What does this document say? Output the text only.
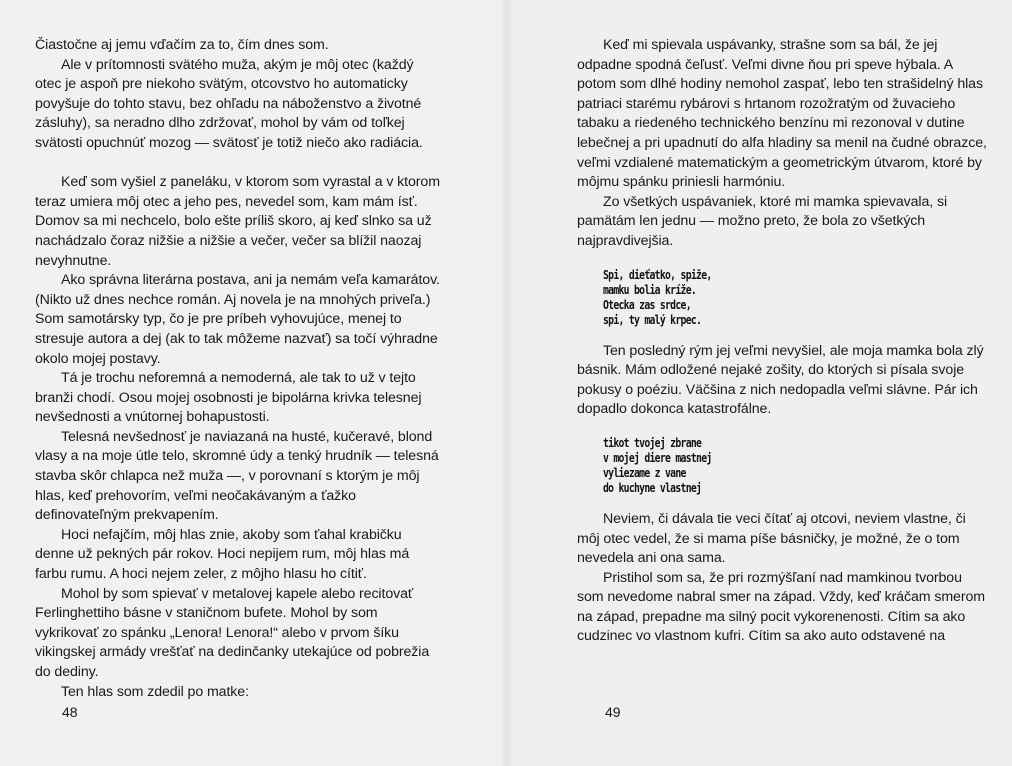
Čiastočne aj jemu vďačím za to, čím dnes som.

Ale v prítomnosti svätého muža, akým je môj otec (každý otec je aspoň pre niekoho svätým, otcovstvo ho automaticky povyšuje do tohto stavu, bez ohľadu na náboženstvo a životné zásluhy), sa neradno dlho zdržovať, mohol by vám od toľkej svätosti opuchnúť mozog — svätosť je totiž niečo ako radiácia.

Keď som vyšiel z paneláku, v ktorom som vyrastal a v ktorom teraz umiera môj otec a jeho pes, nevedel som, kam mám ísť. Domov sa mi nechcelo, bolo ešte príliš skoro, aj keď slnko sa už nachádzalo čoraz nižšie a nižšie a večer, večer sa blížil naozaj nevyhnutne.

Ako správna literárna postava, ani ja nemám veľa kamarátov. (Nikto už dnes nechce román. Aj novela je na mnohých priveľa.) Som samotársky typ, čo je pre príbeh vyhovujúce, menej to stresuje autora a dej (ak to tak môžeme nazvať) sa točí výhradne okolo mojej postavy.

Tá je trochu neforemná a nemoderná, ale tak to už v tejto branži chodí. Osou mojej osobnosti je bipolárna krivka telesnej nevšednosti a vnútornej bohapustosti.

Telesná nevšednosť je naviazaná na husté, kučeravé, blond vlasy a na moje útle telo, skromné údy a tenký hrudník — telesná stavba skôr chlapca než muža —, v porovnaní s ktorým je môj hlas, keď prehovorím, veľmi neočakávaným a ťažko definovateľným prekvapením.

Hoci nefajčím, môj hlas znie, akoby som ťahal krabičku denne už pekných pár rokov. Hoci nepijem rum, môj hlas má farbu rumu. A hoci nejem zeler, z môjho hlasu ho cítiť.

Mohol by som spievať v metalovej kapele alebo recitovať Ferlinghettiho básne v staničnom bufete. Mohol by som vykrikovať zo spánku „Lenora! Lenora!“ alebo v prvom šíku vikingskej armády vrešťať na dedinčanky utekajúce od pobrežia do dediny.

Ten hlas som zdedil po matke:

48

Keď mi spievala uspávanky, strašne som sa bál, že jej odpadne spodná čeľusť. Veľmi divne ňou pri speve hýbala. A potom som dlhé hodiny nemohol zaspať, lebo ten strašidelný hlas patriaci starému rybárovi s hrtanom rozožratým od žuvacieho tabaku a riedeného technického benzínu mi rezonoval v dutine lebečnej a pri upadnutí do alfa hladiny sa menil na čudné obrazce, veľmi vzdialené matematickým a geometrickým útvarom, ktoré by môjmu spánku priniesli harmóniu.

Zo všetkých uspávaniek, ktoré mi mamka spievavala, si pamätám len jednu — možno preto, že bola zo všetkých najpravdivejšia.

Spi, dieťatko, spiže,
mamku bolia kríže.
Otecka zas srdce,
spi, ty malý krpec.

Ten posledný rým jej veľmi nevyšiel, ale moja mamka bola zlý básnik. Mám odložené nejaké zošity, do ktorých si písala svoje pokusy o poéziu. Väčšina z nich nedopadla veľmi slávne. Pár ich dopadlo dokonca katastrofálne.

tikot tvojej zbrane
v mojej diere mastnej
vyliezame z vane
do kuchyne vlastnej

Neviem, či dávala tie veci čítať aj otcovi, neviem vlastne, či môj otec vedel, že si mama píše básničky, je možné, že o tom nevedela ani ona sama.

Pristihol som sa, že pri rozmýšľaní nad mamkinou tvorbou som nevedome nabral smer na západ. Vždy, keď kráčam smerom na západ, prepadne ma silný pocit vykorenenosti. Cítim sa ako cudzinec vo vlastnom kufri. Cítim sa ako auto odstavené na

49
